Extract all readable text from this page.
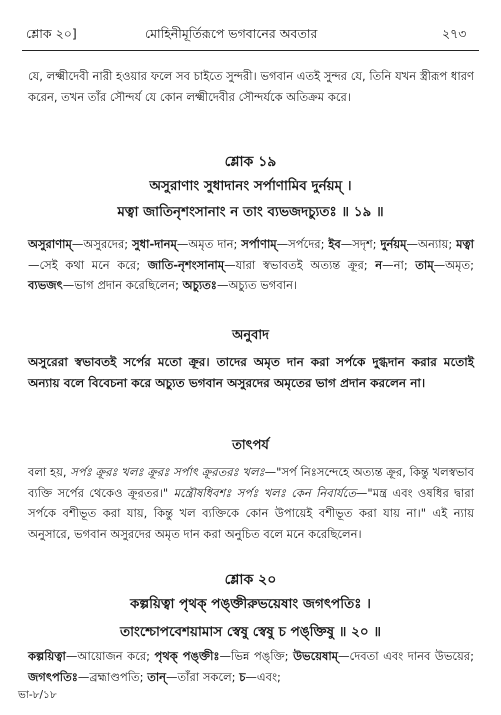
শ্লোক ২০]	মোহিনীমূর্তিরূপে ভগবানের অবতার	২৭৩

যে, লক্ষ্মীদেবী নারী হওয়ার ফলে সব চাইতে সুন্দরী। ভগবান এতই সুন্দর যে, তিনি যখন স্ত্রীরূপ ধারণ করেন, তখন তাঁর সৌন্দর্য যে কোন লক্ষ্মীদেবীর সৌন্দর্যকে অতিক্রম করে।

শ্লোক ১৯
অসুরাণাং সুধাদানং সর্পাণামিব দুর্নয়ম্‌ ।
মত্বা জাতিনৃশংসানাং ন তাং ব্যভজদচ্যুতঃ ॥ ১৯ ॥

অসুরাণাম্‌—অসুরদের; সুধা-দানম্‌—অমৃত দান; সর্পাণাম্‌—সর্পদের; ইব—সদৃশ; দুর্নয়ম্‌—অন্যায়; মত্বা—সেই কথা মনে করে; জাতি-নৃশংসানাম্‌—যারা স্বভাবতই অত্যন্ত ক্রূর; ন—না; তাম্‌—অমৃত; ব্যভজৎ—ভাগ প্রদান করেছিলেন; অচ্যুতঃ—অচ্যুত ভগবান।

অনুবাদ

অসুরেরা স্বভাবতই সর্পের মতো ক্রূর। তাদের অমৃত দান করা সর্পকে দুগ্ধদান করার মতোই অন্যায় বলে বিবেচনা করে অচ্যুত ভগবান অসুরদের অমৃতের ভাগ প্রদান করলেন না।

তাৎপর্য

বলা হয়, সর্পঃ ক্রূরঃ খলঃ ক্রূরঃ সর্পাৎ ক্রূরতরঃ খলঃ—"সর্প নিঃসন্দেহে অত্যন্ত ক্রূর, কিন্তু খলস্বভাব ব্যক্তি সর্পের থেকেও ক্রূরতর।" মন্ত্রৌষধিবশঃ সর্পঃ খলঃ কেন নিবার্যতে—"মন্ত্র এবং ওষধির দ্বারা সর্পকে বশীভূত করা যায়, কিন্তু খল ব্যক্তিকে কোন উপায়েই বশীভূত করা যায় না।" এই ন্যায় অনুসারে, ভগবান অসুরদের অমৃত দান করা অনুচিত বলে মনে করেছিলেন।

শ্লোক ২০
কল্পয়িত্বা পৃথক্‌ পঙ্‌ক্তীরুভয়েষাং জগৎপতিঃ ।
তাংশ্চোপবেশয়ামাস স্বেষু স্বেষু চ পঙ্‌ক্তিষু ॥ ২০ ॥

কল্পয়িত্বা—আয়োজন করে; পৃথক্‌ পঙ্‌ক্তীঃ—ভিন্ন পঙ্‌ক্তি; উভয়েষাম্‌—দেবতা এবং দানব উভয়ের; জগৎপতিঃ—ব্রহ্মাণ্ডপতি; তান্‌—তাঁরা সকলে; চ—এবং;

ভা-৮/১৮
